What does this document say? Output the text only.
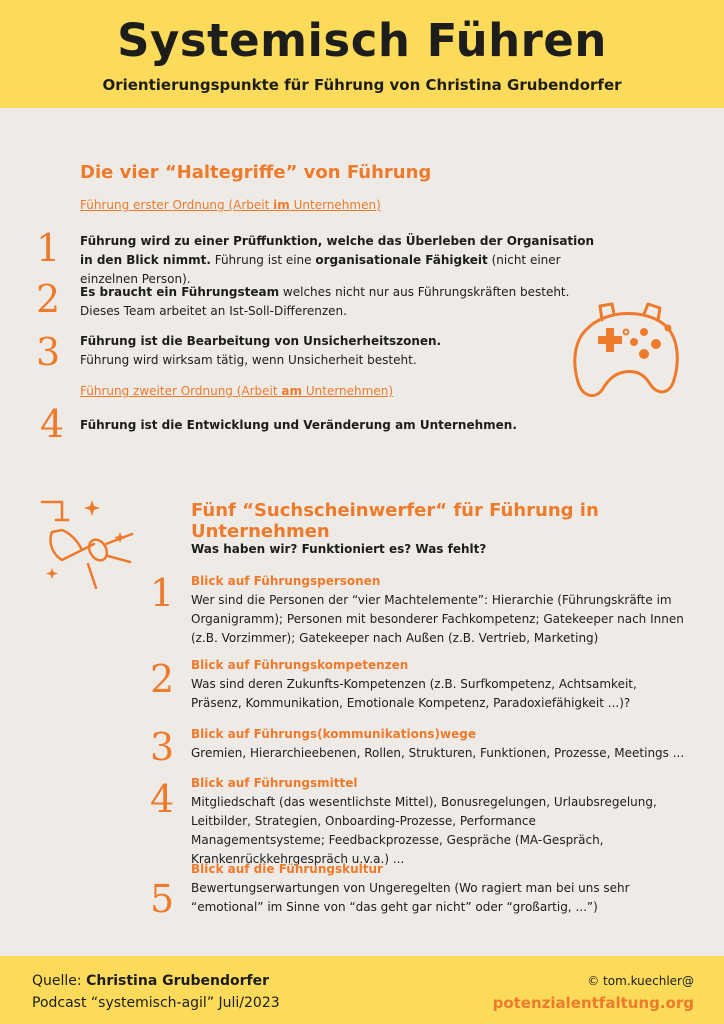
Systemisch Führen
Orientierungspunkte für Führung von Christina Grubendorfer
Die vier “Haltegriffe” von Führung
Führung erster Ordnung (Arbeit im Unternehmen)
1 Führung wird zu einer Prüffunktion, welche das Überleben der Organisation in den Blick nimmt. Führung ist eine organisationale Fähigkeit (nicht einer einzelnen Person).
2 Es braucht ein Führungsteam welches nicht nur aus Führungskräften besteht.
Dieses Team arbeitet an Ist-Soll-Differenzen.
3 Führung ist die Bearbeitung von Unsicherheitszonen.
Führung wird wirksam tätig, wenn Unsicherheit besteht.
Führung zweiter Ordnung (Arbeit am Unternehmen)
4 Führung ist die Entwicklung und Veränderung am Unternehmen.
Fünf “Suchscheinwerfer“ für Führung in Unternehmen
Was haben wir? Funktioniert es? Was fehlt?
1 Blick auf Führungspersonen
Wer sind die Personen der “vier Machtelemente”: Hierarchie (Führungskräfte im Organigramm); Personen mit besonderer Fachkompetenz; Gatekeeper nach Innen (z.B. Vorzimmer); Gatekeeper nach Außen (z.B. Vertrieb, Marketing)
2 Blick auf Führungskompetenzen
Was sind deren Zukunfts-Kompetenzen (z.B. Surfkompetenz, Achtsamkeit, Präsenz, Kommunikation, Emotionale Kompetenz, Paradoxiefähigkeit ...)?
3 Blick auf Führungs(kommunikations)wege
Gremien, Hierarchieebenen, Rollen, Strukturen, Funktionen, Prozesse, Meetings ...
4 Blick auf Führungsmittel
Mitgliedschaft (das wesentlichste Mittel), Bonusregelungen, Urlaubsregelung, Leitbilder, Strategien, Onboarding-Prozesse, Performance Managementsysteme; Feedbackprozesse, Gespräche (MA-Gespräch, Krankenrückkehrgespräch u.v.a.) ...
5
Blick auf die Führungskultur
Bewertungserwartungen von Ungeregelten (Wo ragiert man bei uns sehr “emotional” im Sinne von “das geht gar nicht” oder “großartig, ...”)
Quelle: Christina Grubendorfer
Podcast “systemisch-agil” Juli/2023
© tom.kuechler@
potenzialentfaltung.org
